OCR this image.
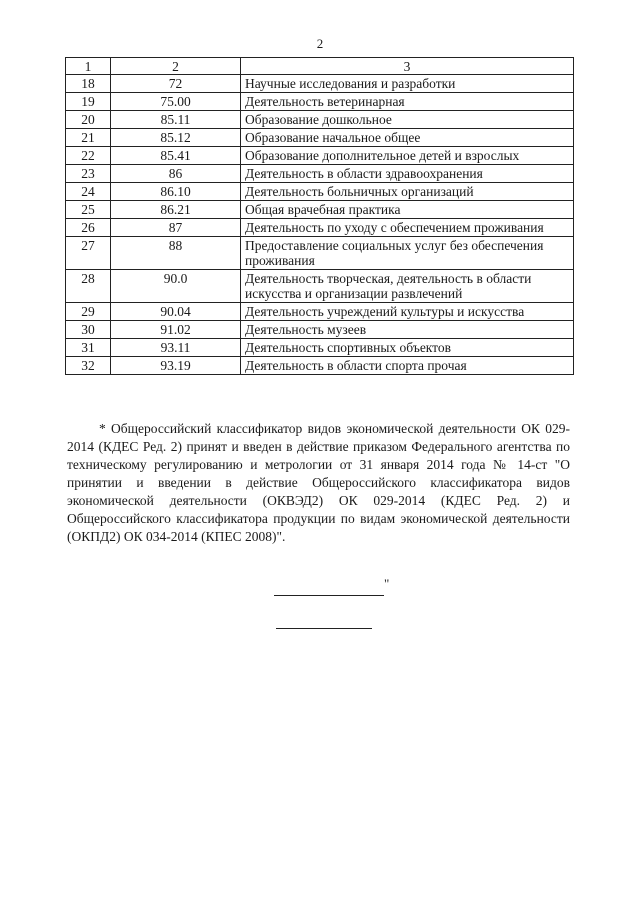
2
1	2	3
18	72	Научные исследования и разработки
19	75.00	Деятельность ветеринарная
20	85.11	Образование дошкольное
21	85.12	Образование начальное общее
22	85.41	Образование дополнительное детей и взрослых
23	86	Деятельность в области здравоохранения
24	86.10	Деятельность больничных организаций
25	86.21	Общая врачебная практика
26	87	Деятельность по уходу с обеспечением проживания
27	88	Предоставление социальных услуг без обеспечения проживания
28	90.0	Деятельность творческая, деятельность в области искусства и организации развлечений
29	90.04	Деятельность учреждений культуры и искусства
30	91.02	Деятельность музеев
31	93.11	Деятельность спортивных объектов
32	93.19	Деятельность в области спорта прочая
* Общероссийский классификатор видов экономической деятельности ОК 029-2014 (КДЕС Ред. 2) принят и введен в действие приказом Федерального агентства по техническому регулированию и метрологии от 31 января 2014 года № 14-ст "О принятии и введении в действие Общероссийского классификатора видов экономической деятельности (ОКВЭД2) ОК 029-2014 (КДЕС Ред. 2) и Общероссийского классификатора продукции по видам экономической деятельности (ОКПД2) ОК 034-2014 (КПЕС 2008)".
"
